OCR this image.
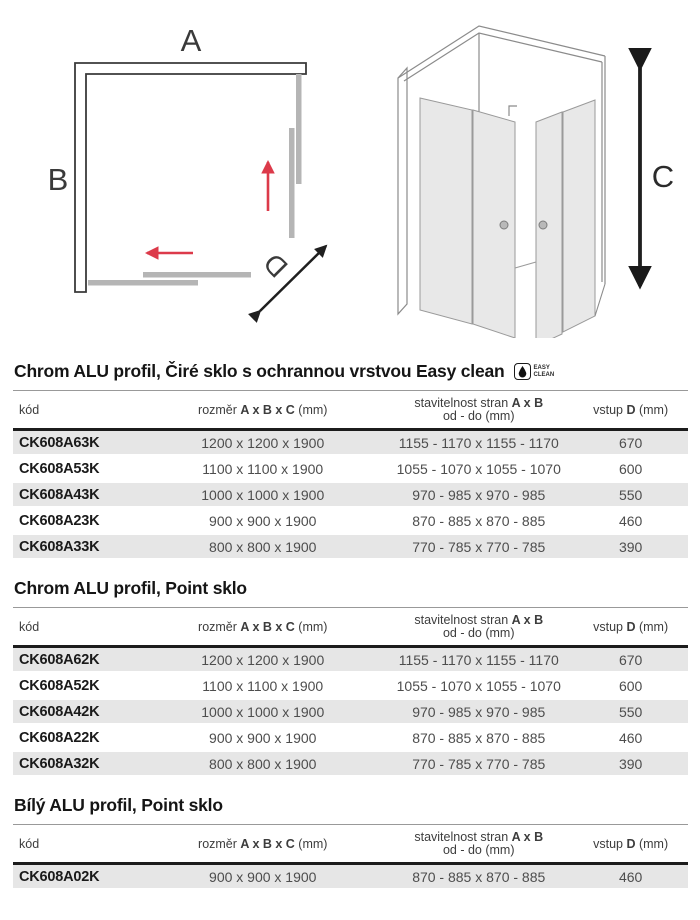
A
B
D
C
Chrom ALU profil, Čiré sklo s ochrannou vrstvou Easy clean	EASY
CLEAN
kód	rozměr A x B x C (mm)	stavitelnost stran A x B
od - do (mm)	vstup D (mm)
CK608A63K	1200 x 1200 x 1900	1155 - 1170 x 1155 - 1170	670
CK608A53K	1100 x 1100 x 1900	1055 - 1070 x 1055 - 1070	600
CK608A43K	1000 x 1000 x 1900	970 - 985 x 970 - 985	550
CK608A23K	900 x 900 x 1900	870 - 885 x 870 - 885	460
CK608A33K	800 x 800 x 1900	770 - 785 x 770 - 785	390
Chrom ALU profil, Point sklo
kód	rozměr A x B x C (mm)	stavitelnost stran A x B
od - do (mm)	vstup D (mm)
CK608A62K	1200 x 1200 x 1900	1155 - 1170 x 1155 - 1170	670
CK608A52K	1100 x 1100 x 1900	1055 - 1070 x 1055 - 1070	600
CK608A42K	1000 x 1000 x 1900	970 - 985 x 970 - 985	550
CK608A22K	900 x 900 x 1900	870 - 885 x 870 - 885	460
CK608A32K	800 x 800 x 1900	770 - 785 x 770 - 785	390
Bílý ALU profil, Point sklo
kód	rozměr A x B x C (mm)	stavitelnost stran A x B
od - do (mm)	vstup D (mm)
CK608A02K	900 x 900 x 1900	870 - 885 x 870 - 885	460
